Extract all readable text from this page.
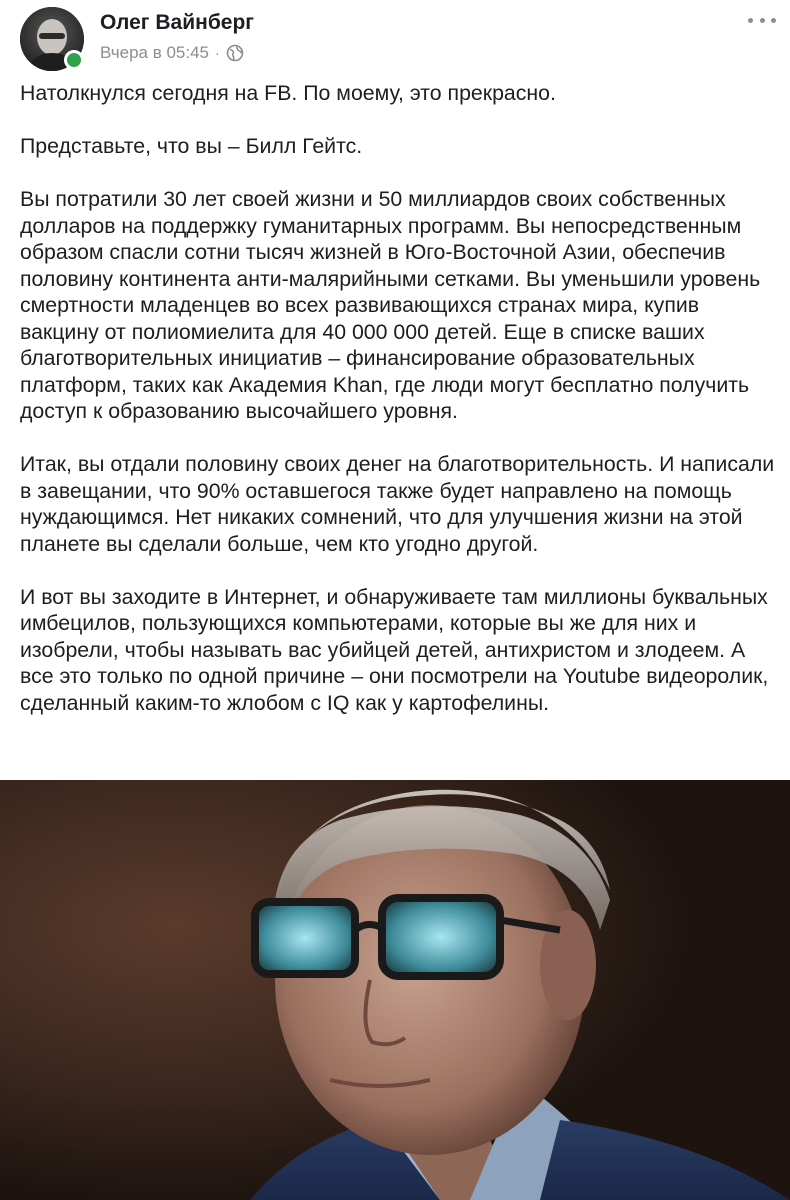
Олег Вайнберг
Вчера в 05:45 ·

Натолкнулся сегодня на FB. По моему, это прекрасно.

Представьте, что вы – Билл Гейтс.

Вы потратили 30 лет своей жизни и 50 миллиардов своих собственных долларов на поддержку гуманитарных программ. Вы непосредственным образом спасли сотни тысяч жизней в Юго-Восточной Азии, обеспечив половину континента анти-малярийными сетками. Вы уменьшили уровень смертности младенцев во всех развивающихся странах мира, купив вакцину от полиомиелита для 40 000 000 детей. Еще в списке ваших благотворительных инициатив – финансирование образовательных платформ, таких как Академия Khan, где люди могут бесплатно получить доступ к образованию высочайшего уровня.

Итак, вы отдали половину своих денег на благотворительность. И написали в завещании, что 90% оставшегося также будет направлено на помощь нуждающимся. Нет никаких сомнений, что для улучшения жизни на этой планете вы сделали больше, чем кто угодно другой.

И вот вы заходите в Интернет, и обнаруживаете там миллионы буквальных имбецилов, пользующихся компьютерами, которые вы же для них и изобрели, чтобы называть вас убийцей детей, антихристом и злодеем. А все это только по одной причине – они посмотрели на Youtube видеоролик, сделанный каким-то жлобом с IQ как у картофелины.
